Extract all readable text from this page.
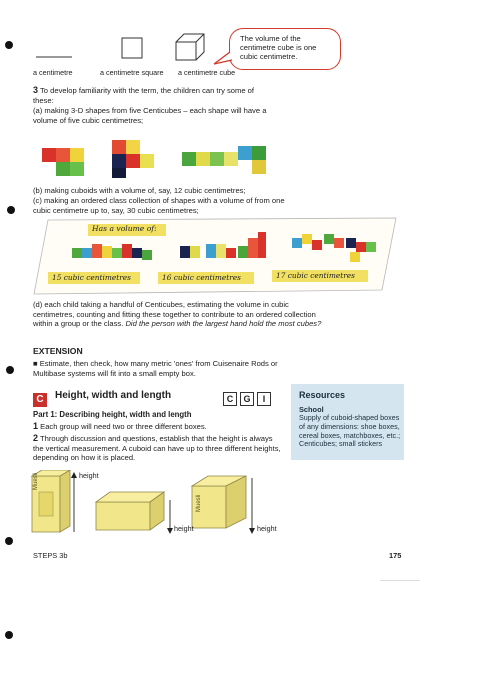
a centimetre	a centimetre square a centimetre cube
The volume of the centimetre cube is one cubic centimetre.
3 To develop familiarity with the term, the children can try some of these:
(a) making 3-D shapes from five Centicubes – each shape will have a volume of five cubic centimetres;
(b) making cuboids with a volume of, say, 12 cubic centimetres;
(c) making an ordered class collection of shapes with a volume of from one cubic centimetre up to, say, 30 cubic centimetres;
Has a volume of:
15 cubic centimetres	16 cubic centimetres	17 cubic centimetres
(d) each child taking a handful of Centicubes, estimating the volume in cubic centimetres, counting and fitting these together to contribute to an ordered collection within a group or the class. Did the person with the largest hand hold the most cubes?
EXTENSION
■ Estimate, then check, how many metric 'ones' from Cuisenaire Rods or Multibase systems will fit into a small empty box.
C Height, width and length	C G I
Part 1: Describing height, width and length
1 Each group will need two or three different boxes.
2 Through discussion and questions, establish that the height is always the vertical measurement. A cuboid can have up to three different heights, depending on how it is placed.
Resources
School
Supply of cuboid-shaped boxes of any dimensions: shoe boxes, cereal boxes, matchboxes, etc.; Centicubes; small stickers
Muesli
Muesli
height
height	height
STEPS 3b	175
